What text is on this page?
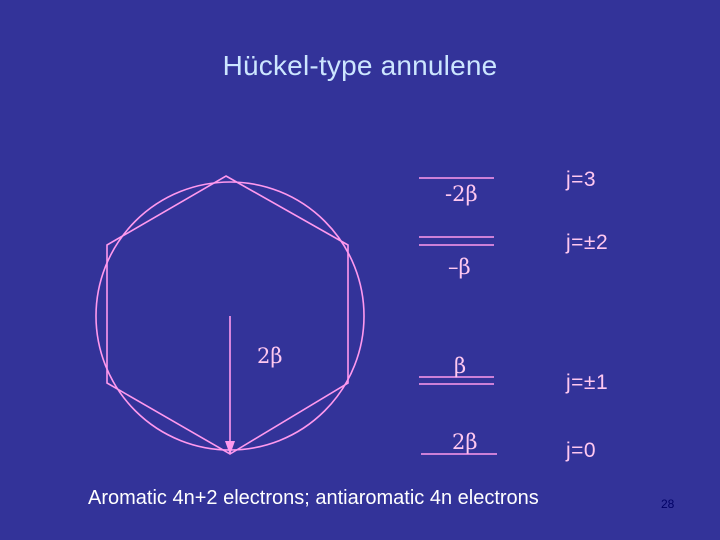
Hückel-type annulene
2β
-2β
–β
β
2β
j=3
j=±2
j=±1
j=0
Aromatic 4n+2 electrons; antiaromatic 4n electrons	28
